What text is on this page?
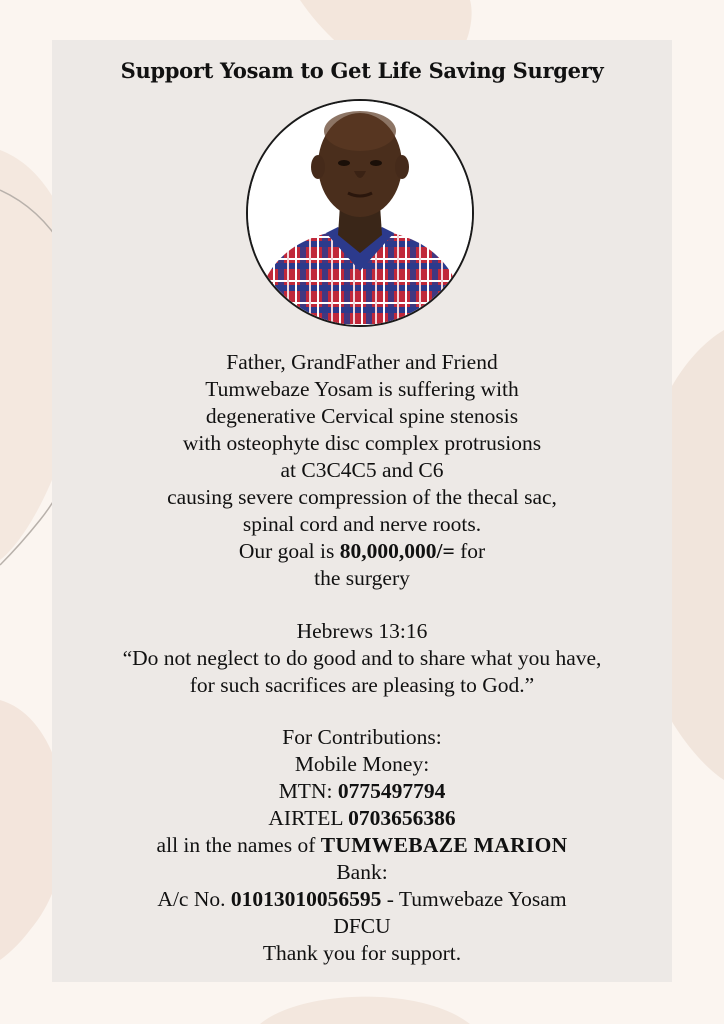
Support Yosam to Get Life Saving Surgery
Father, GrandFather and Friend
Tumwebaze Yosam is suffering with
degenerative Cervical spine stenosis
with osteophyte disc complex protrusions
at C3C4C5 and C6
causing severe compression of the thecal sac,
spinal cord and nerve roots.
Our goal is 80,000,000/= for
the surgery
Hebrews 13:16
“Do not neglect to do good and to share what you have,
for such sacrifices are pleasing to God.”
For Contributions:
Mobile Money:
MTN: 0775497794
AIRTEL 0703656386
all in the names of TUMWEBAZE MARION
Bank:
A/c No. 01013010056595 - Tumwebaze Yosam
DFCU
Thank you for support.
